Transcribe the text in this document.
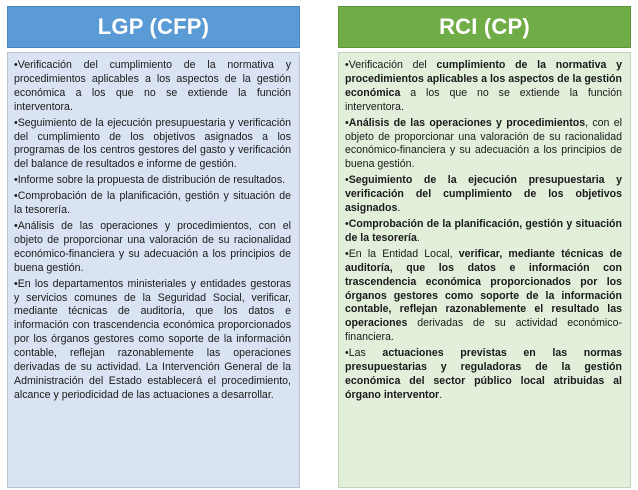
LGP (CFP)
•Verificación del cumplimiento de la normativa y procedimientos aplicables a los aspectos de la gestión económica a los que no se extiende la función interventora.
•Seguimiento de la ejecución presupuestaria y verificación del cumplimiento de los objetivos asignados a los programas de los centros gestores del gasto y verificación del balance de resultados e informe de gestión.
•Informe sobre la propuesta de distribución de resultados.
•Comprobación de la planificación, gestión y situación de la tesorería.
•Análisis de las operaciones y procedimientos, con el objeto de proporcionar una valoración de su racionalidad económico-financiera y su adecuación a los principios de buena gestión.
•En los departamentos ministeriales y entidades gestoras y servicios comunes de la Seguridad Social, verificar, mediante técnicas de auditoría, que los datos e información con trascendencia económica proporcionados por los órganos gestores como soporte de la información contable, reflejan razonablemente las operaciones derivadas de su actividad. La Intervención General de la Administración del Estado establecerá el procedimiento, alcance y periodicidad de las actuaciones a desarrollar.
RCI (CP)
•Verificación del cumplimiento de la normativa y procedimientos aplicables a los aspectos de la gestión económica a los que no se extiende la función interventora.
•Análisis de las operaciones y procedimientos, con el objeto de proporcionar una valoración de su racionalidad económico-financiera y su adecuación a los principios de buena gestión.
•Seguimiento de la ejecución presupuestaria y verificación del cumplimiento de los objetivos asignados.
•Comprobación de la planificación, gestión y situación de la tesorería.
•En la Entidad Local, verificar, mediante técnicas de auditoría, que los datos e información con trascendencia económica proporcionados por los órganos gestores como soporte de la información contable, reflejan razonablemente el resultado las operaciones derivadas de su actividad económico-financiera.
•Las actuaciones previstas en las normas presupuestarias y reguladoras de la gestión económica del sector público local atribuidas al órgano interventor.
